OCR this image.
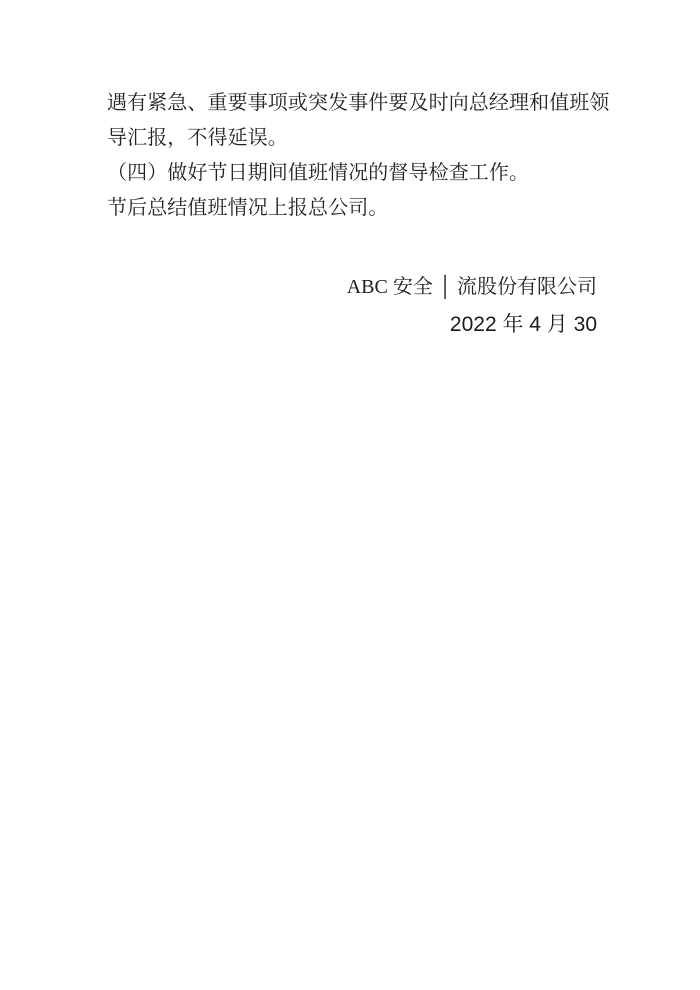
遇有紧急、重要事项或突发事件要及时向总经理和值班领
导汇报，不得延误。
（四）做好节日期间值班情况的督导检查工作。
节后总结值班情况上报总公司。
ABC 安全 │ 流股份有限公司
2022 年 4 月 30
